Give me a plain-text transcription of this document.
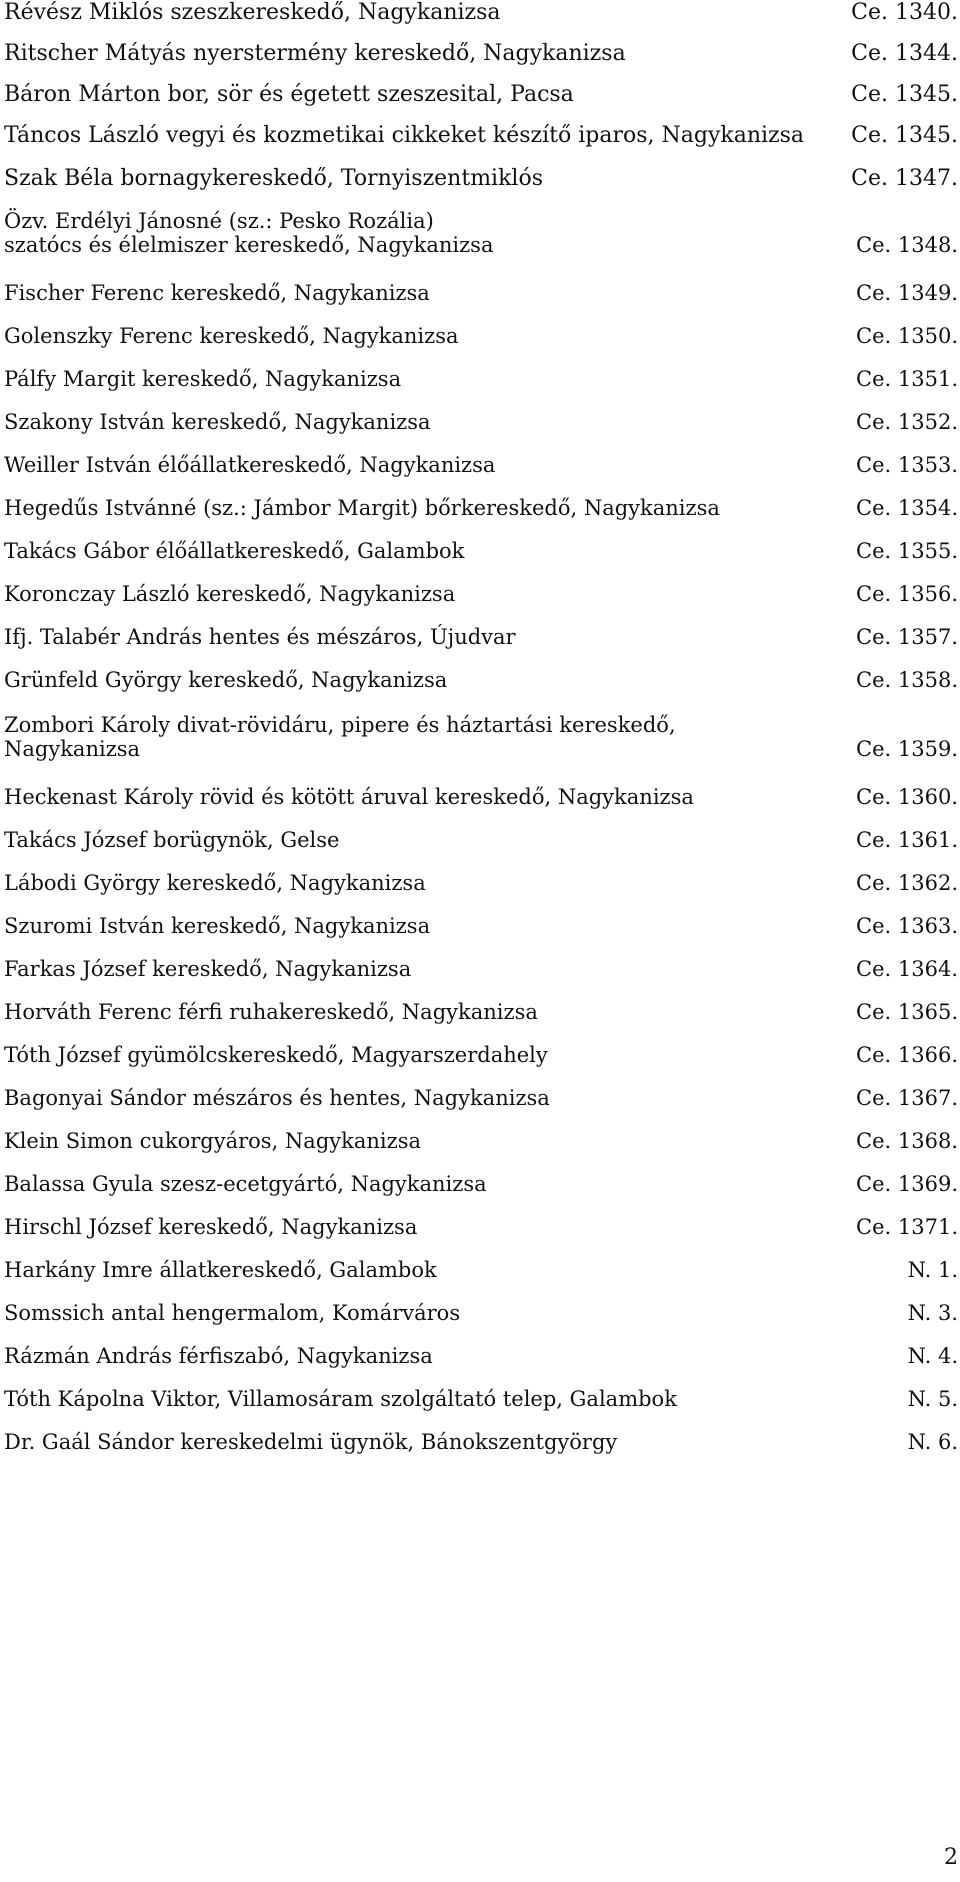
Révész Miklós szeszkereskedő, Nagykanizsa	Ce. 1340.
Ritscher Mátyás nyerstermény kereskedő, Nagykanizsa	Ce. 1344.
Báron Márton bor, sör és égetett szeszesital, Pacsa	Ce. 1345.
Táncos László vegyi és kozmetikai cikkeket készítő iparos, Nagykanizsa Ce. 1345.
Szak Béla bornagykereskedő, Tornyiszentmiklós	Ce. 1347.
Özv. Erdélyi Jánosné (sz.: Pesko Rozália)
szatócs és élelmiszer kereskedő, Nagykanizsa	Ce. 1348.
Fischer Ferenc kereskedő, Nagykanizsa	Ce. 1349.
Golenszky Ferenc kereskedő, Nagykanizsa	Ce. 1350.
Pálfy Margit kereskedő, Nagykanizsa	Ce. 1351.
Szakony István kereskedő, Nagykanizsa	Ce. 1352.
Weiller István élőállatkereskedő, Nagykanizsa	Ce. 1353.
Hegedűs Istvánné (sz.: Jámbor Margit) bőrkereskedő, Nagykanizsa	Ce. 1354.
Takács Gábor élőállatkereskedő, Galambok	Ce. 1355.
Koronczay László kereskedő, Nagykanizsa	Ce. 1356.
Ifj. Talabér András hentes és mészáros, Újudvar	Ce. 1357.
Grünfeld György kereskedő, Nagykanizsa	Ce. 1358.
Zombori Károly divat-rövidáru, pipere és háztartási kereskedő,
Nagykanizsa	Ce. 1359.
Heckenast Károly rövid és kötött áruval kereskedő, Nagykanizsa	Ce. 1360.
Takács József borügynök, Gelse	Ce. 1361.
Lábodi György kereskedő, Nagykanizsa	Ce. 1362.
Szuromi István kereskedő, Nagykanizsa	Ce. 1363.
Farkas József kereskedő, Nagykanizsa	Ce. 1364.
Horváth Ferenc férfi ruhakereskedő, Nagykanizsa	Ce. 1365.
Tóth József gyümölcskereskedő, Magyarszerdahely	Ce. 1366.
Bagonyai Sándor mészáros és hentes, Nagykanizsa	Ce. 1367.
Klein Simon cukorgyáros, Nagykanizsa	Ce. 1368.
Balassa Gyula szesz-ecetgyártó, Nagykanizsa	Ce. 1369.
Hirschl József kereskedő, Nagykanizsa	Ce. 1371.
Harkány Imre állatkereskedő, Galambok	N. 1.
Somssich antal hengermalom, Komárváros	N. 3.
Rázmán András férfiszabó, Nagykanizsa	N. 4.
Tóth Kápolna Viktor, Villamosáram szolgáltató telep, Galambok	N. 5.
Dr. Gaál Sándor kereskedelmi ügynök, Bánokszentgyörgy	N. 6.
2
